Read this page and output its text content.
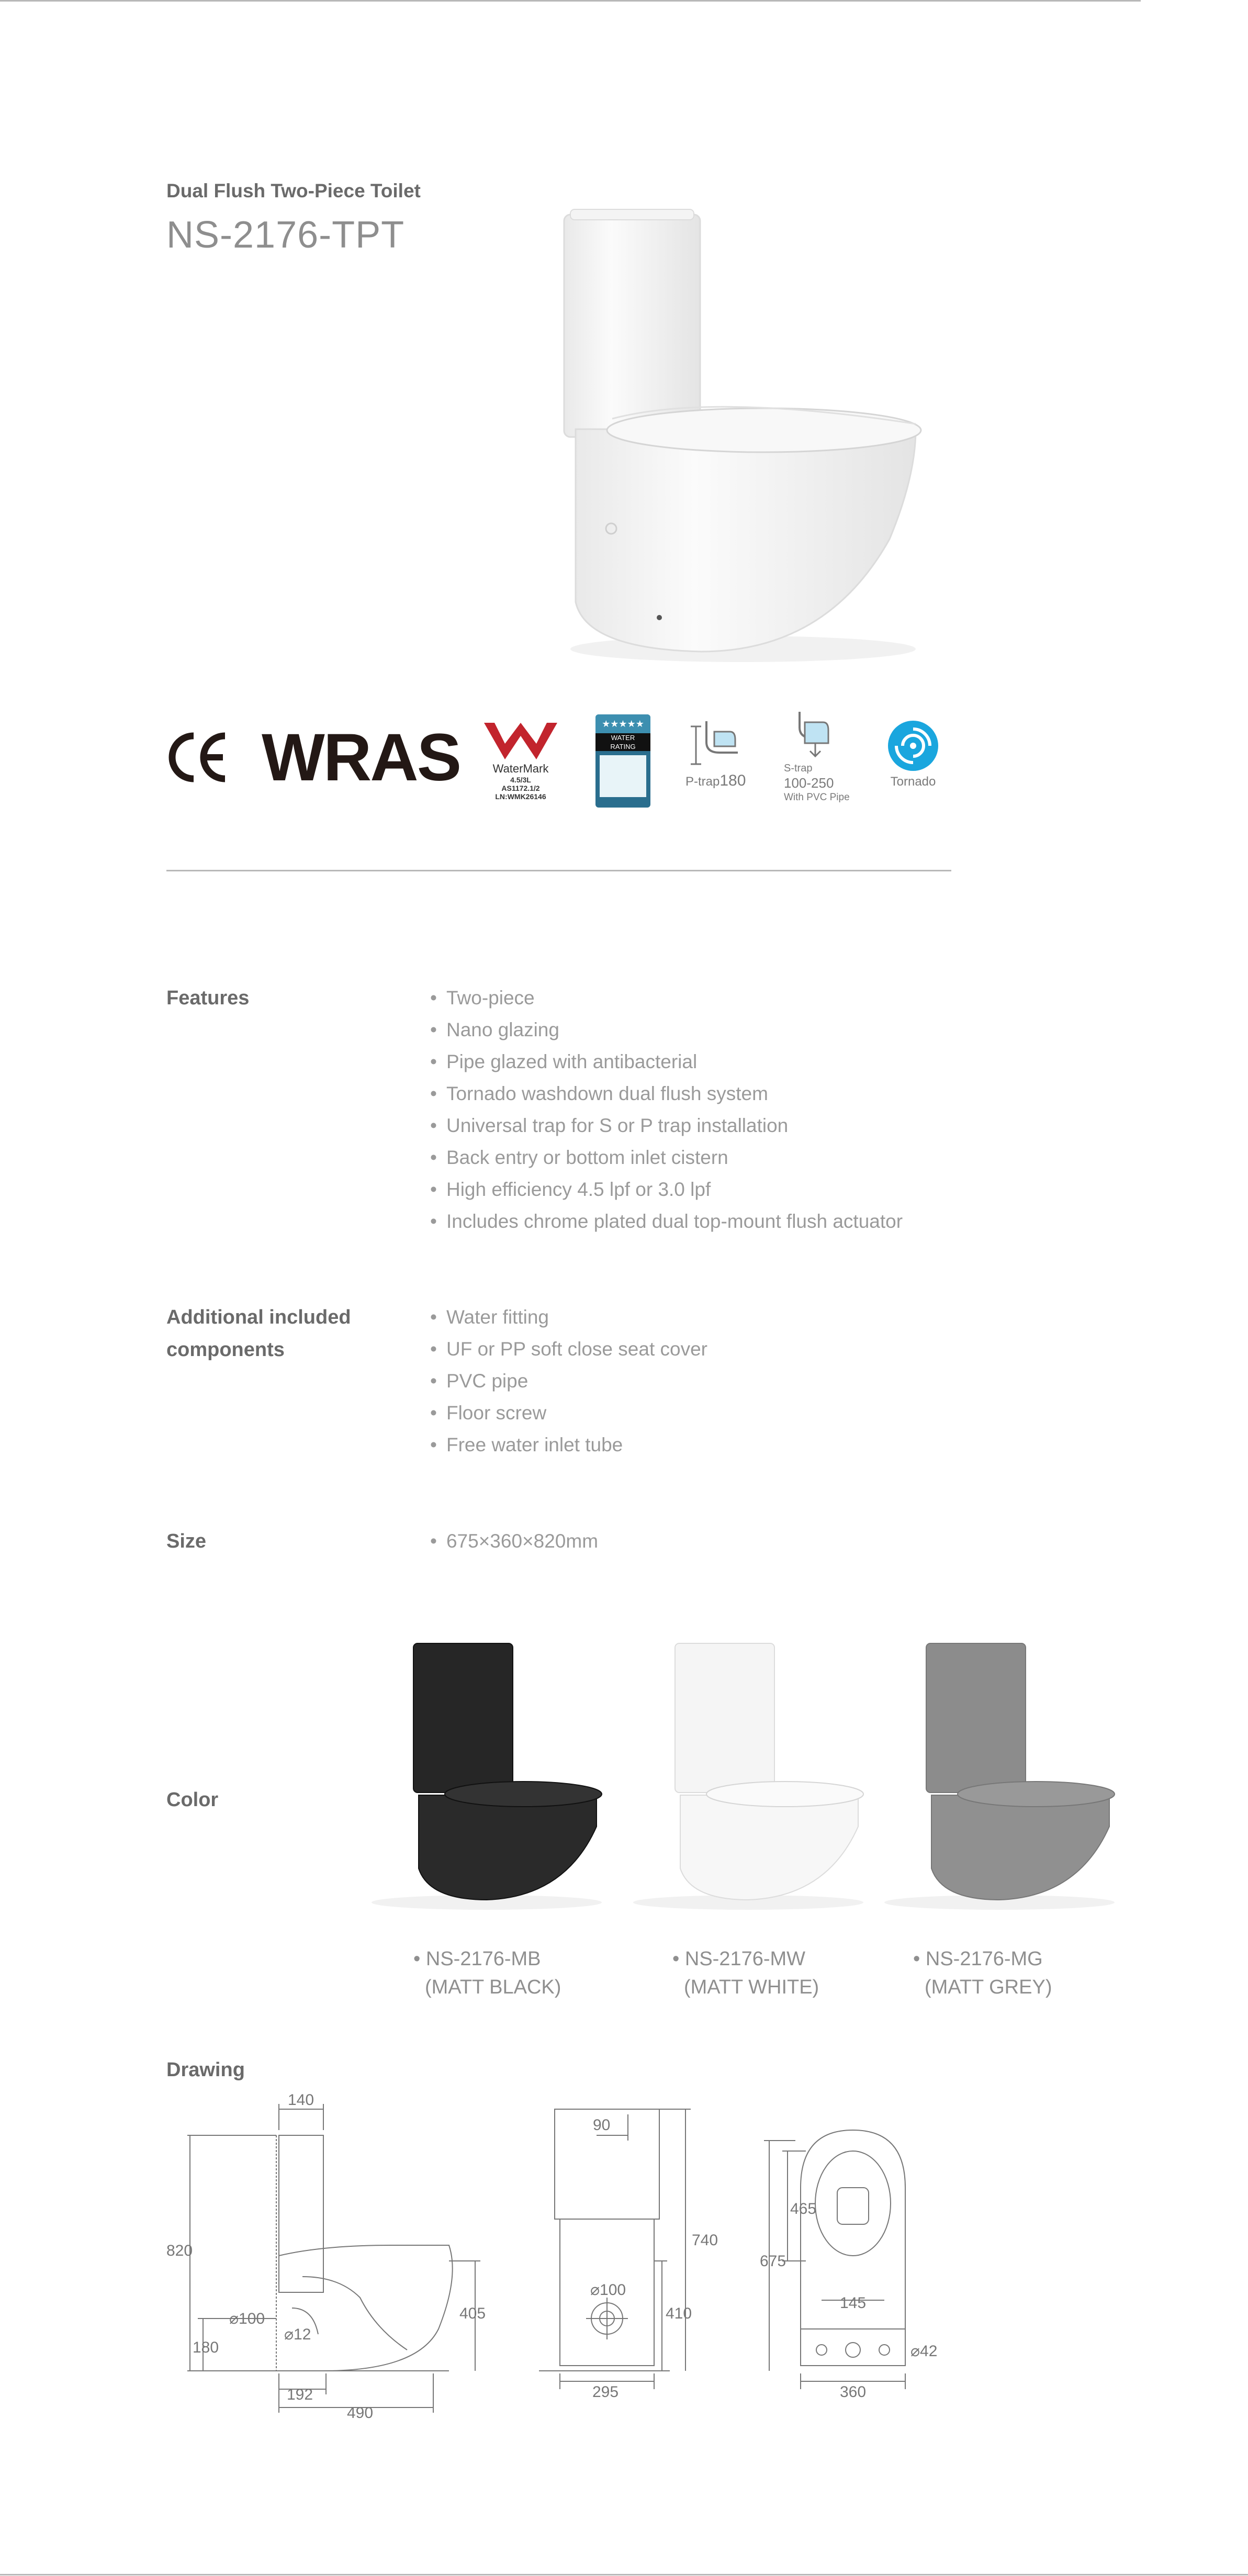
Dual Flush Two-Piece Toilet
NS-2176-TPT
WRAS	WaterMark
4.5/3L
AS1172.1/2
LN:WMK26146
★★★★★
WATER
RATING
P-trap180
S-trap
100-250
With PVC Pipe
Tornado
Features	• Two-piece
• Nano glazing
• Pipe glazed with antibacterial
• Tornado washdown dual flush system
• Universal trap for S or P trap installation
• Back entry or bottom inlet cistern
• High efficiency 4.5 lpf or 3.0 lpf
• Includes chrome plated dual top-mount flush actuator
Additional included
components
• Water fitting
• UF or PP soft close seat cover
• PVC pipe
• Floor screw
• Free water inlet tube
Size	• 675×360×820mm
Color
• NS-2176-MB
(MATT BLACK)
• NS-2176-MW
(MATT WHITE)
• NS-2176-MG
(MATT GREY)
Drawing
140
820
405
⌀100
⌀12
180
192
490
90
740
410
⌀100
295
675
465
145
⌀42
360
